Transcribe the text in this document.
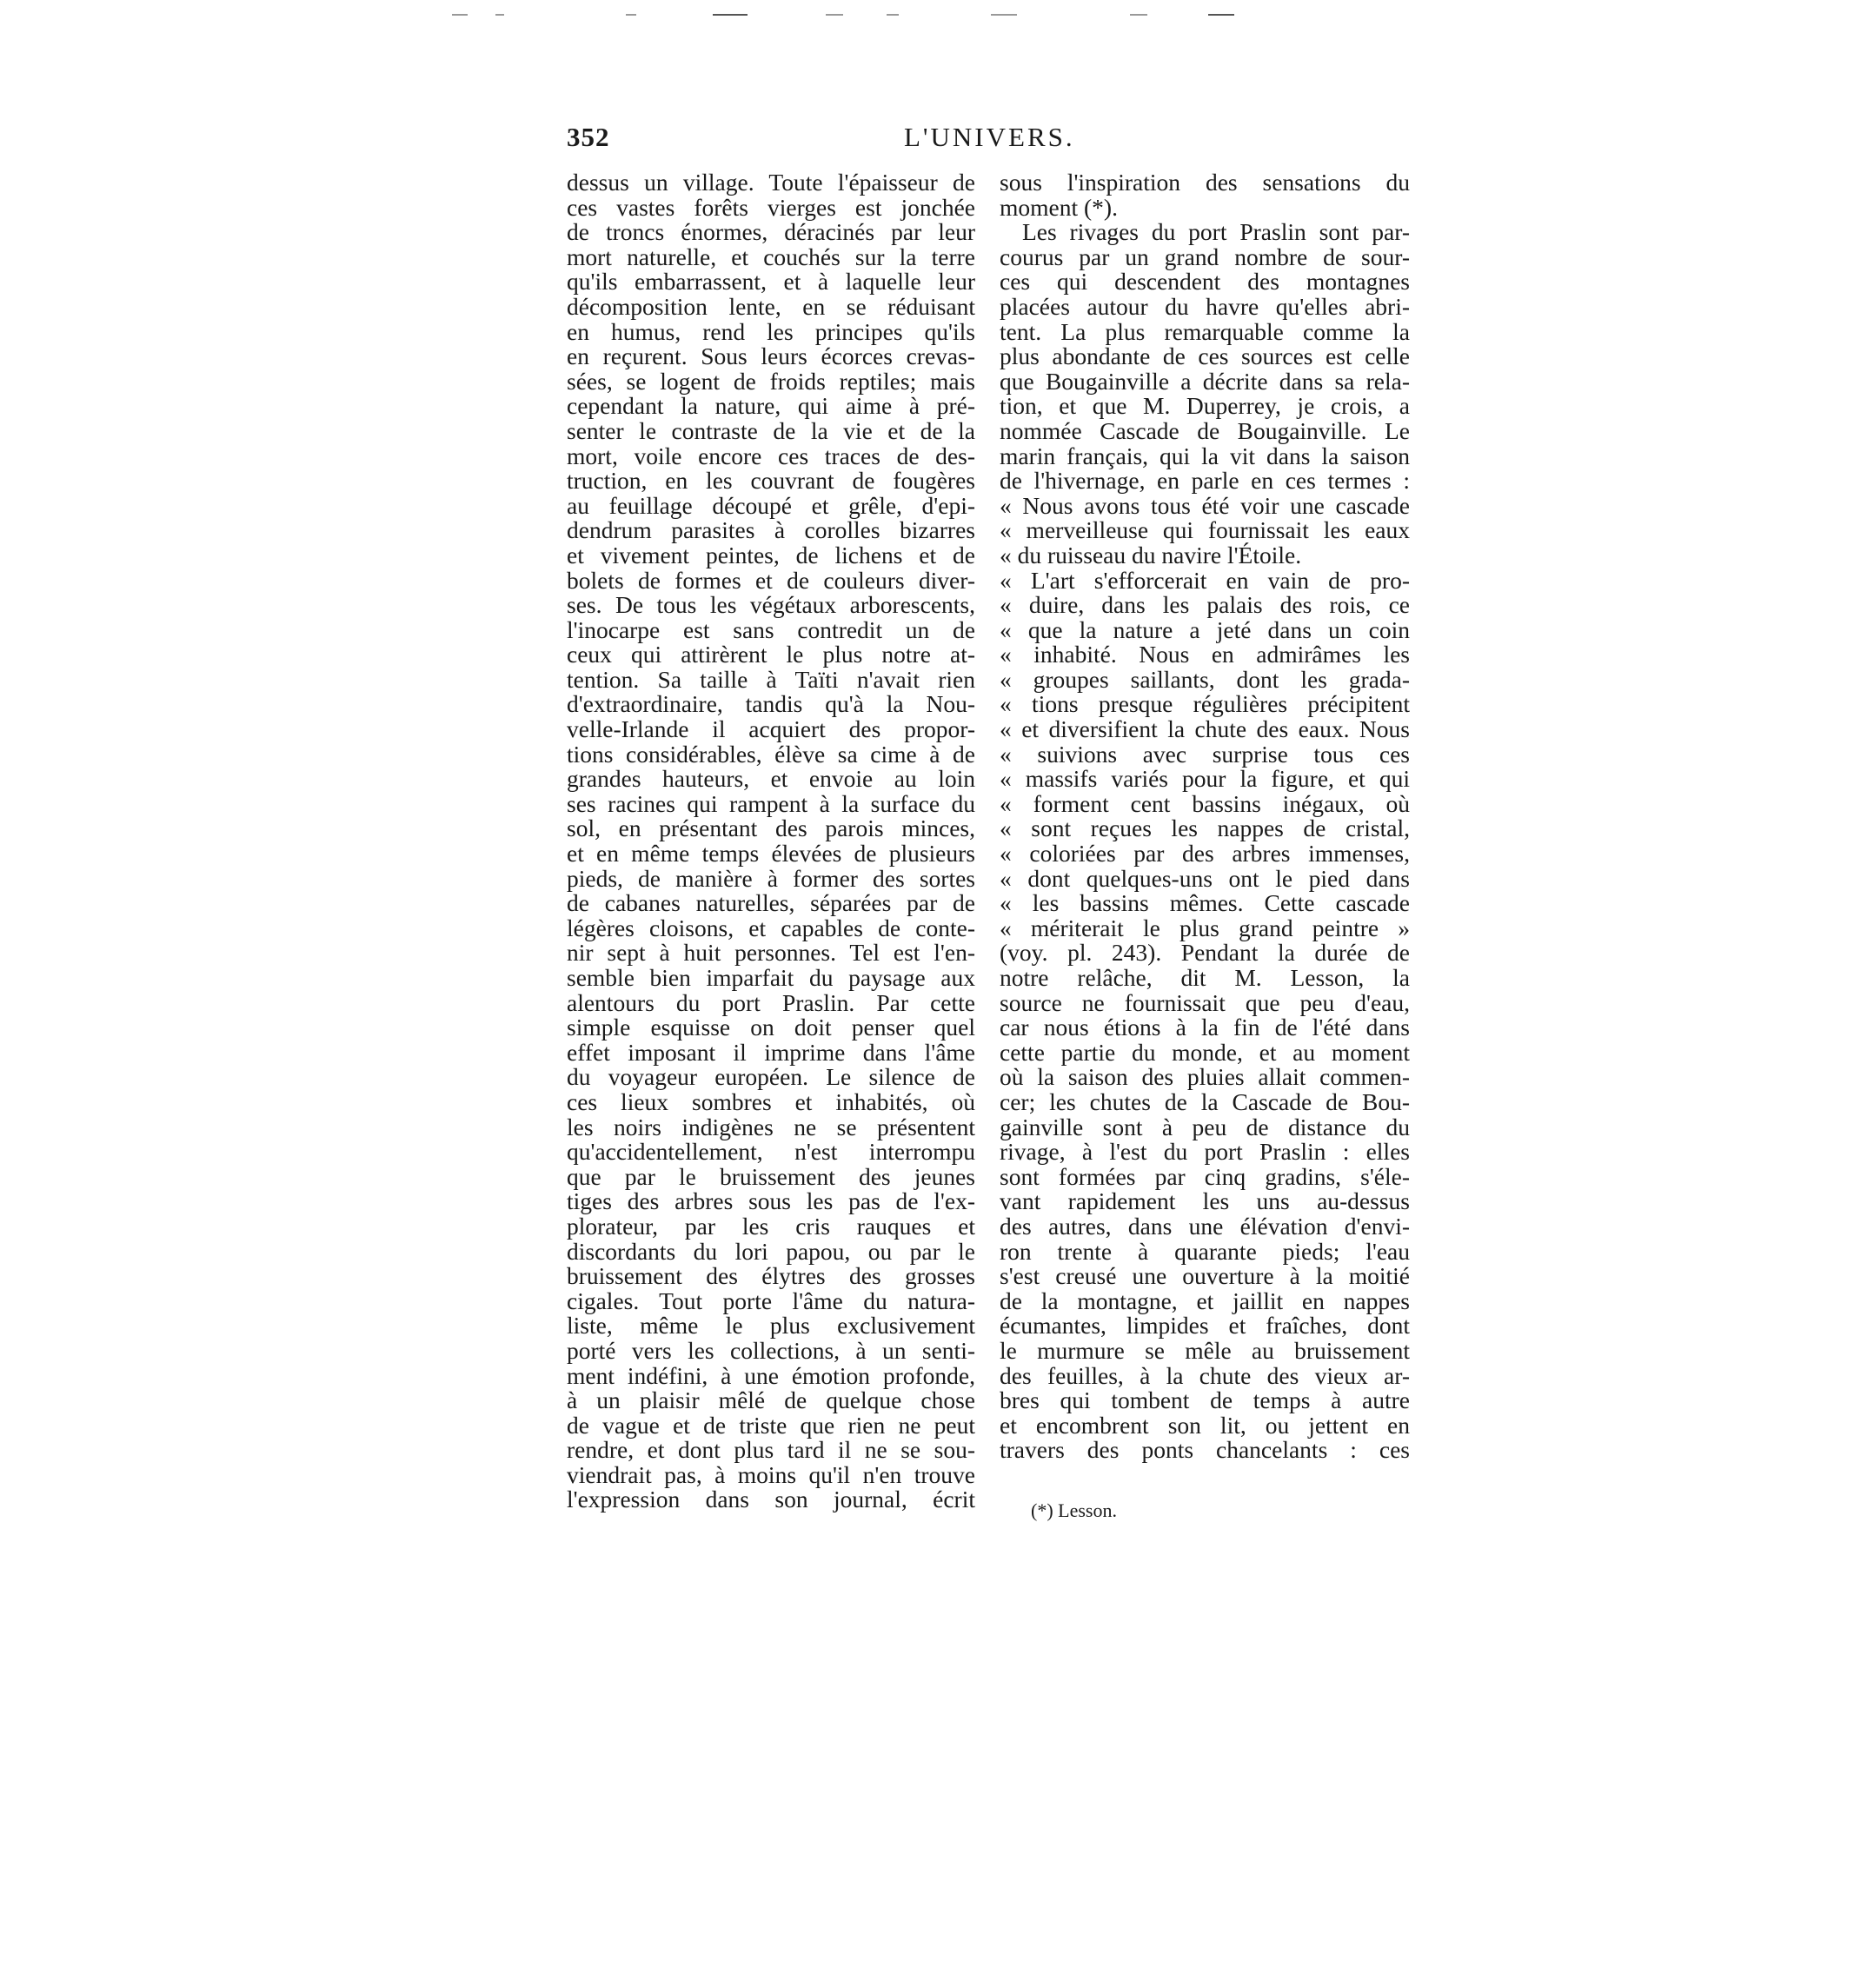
352	L'UNIVERS.
dessus un village. Toute l'épaisseur de
ces vastes forêts vierges est jonchée
de troncs énormes, déracinés par leur
mort naturelle, et couchés sur la terre
qu'ils embarrassent, et à laquelle leur
décomposition lente, en se réduisant
en humus, rend les principes qu'ils
en reçurent. Sous leurs écorces crevas-
sées, se logent de froids reptiles; mais
cependant la nature, qui aime à pré-
senter le contraste de la vie et de la
mort, voile encore ces traces de des-
truction, en les couvrant de fougères
au feuillage découpé et grêle, d'epi-
dendrum parasites à corolles bizarres
et vivement peintes, de lichens et de
bolets de formes et de couleurs diver-
ses. De tous les végétaux arborescents,
l'inocarpe est sans contredit un de
ceux qui attirèrent le plus notre at-
tention. Sa taille à Taïti n'avait rien
d'extraordinaire, tandis qu'à la Nou-
velle-Irlande il acquiert des propor-
tions considérables, élève sa cime à de
grandes hauteurs, et envoie au loin
ses racines qui rampent à la surface du
sol, en présentant des parois minces,
et en même temps élevées de plusieurs
pieds, de manière à former des sortes
de cabanes naturelles, séparées par de
légères cloisons, et capables de conte-
nir sept à huit personnes. Tel est l'en-
semble bien imparfait du paysage aux
alentours du port Praslin. Par cette
simple esquisse on doit penser quel
effet imposant il imprime dans l'âme
du voyageur européen. Le silence de
ces lieux sombres et inhabités, où
les noirs indigènes ne se présentent
qu'accidentellement, n'est interrompu
que par le bruissement des jeunes
tiges des arbres sous les pas de l'ex-
plorateur, par les cris rauques et
discordants du lori papou, ou par le
bruissement des élytres des grosses
cigales. Tout porte l'âme du natura-
liste, même le plus exclusivement
porté vers les collections, à un senti-
ment indéfini, à une émotion profonde,
à un plaisir mêlé de quelque chose
de vague et de triste que rien ne peut
rendre, et dont plus tard il ne se sou-
viendrait pas, à moins qu'il n'en trouve
l'expression dans son journal, écrit
sous l'inspiration des sensations du
moment (*).
Les rivages du port Praslin sont par-
courus par un grand nombre de sour-
ces qui descendent des montagnes
placées autour du havre qu'elles abri-
tent. La plus remarquable comme la
plus abondante de ces sources est celle
que Bougainville a décrite dans sa rela-
tion, et que M. Duperrey, je crois, a
nommée Cascade de Bougainville. Le
marin français, qui la vit dans la saison
de l'hivernage, en parle en ces termes :
« Nous avons tous été voir une cascade
« merveilleuse qui fournissait les eaux
« du ruisseau du navire l'Étoile.
« L'art s'efforcerait en vain de pro-
« duire, dans les palais des rois, ce
« que la nature a jeté dans un coin
« inhabité. Nous en admirâmes les
« groupes saillants, dont les grada-
« tions presque régulières précipitent
« et diversifient la chute des eaux. Nous
« suivions avec surprise tous ces
« massifs variés pour la figure, et qui
« forment cent bassins inégaux, où
« sont reçues les nappes de cristal,
« coloriées par des arbres immenses,
« dont quelques-uns ont le pied dans
« les bassins mêmes. Cette cascade
« mériterait le plus grand peintre »
(voy. pl. 243). Pendant la durée de
notre relâche, dit M. Lesson, la
source ne fournissait que peu d'eau,
car nous étions à la fin de l'été dans
cette partie du monde, et au moment
où la saison des pluies allait commen-
cer; les chutes de la Cascade de Bou-
gainville sont à peu de distance du
rivage, à l'est du port Praslin : elles
sont formées par cinq gradins, s'éle-
vant rapidement les uns au-dessus
des autres, dans une élévation d'envi-
ron trente à quarante pieds; l'eau
s'est creusé une ouverture à la moitié
de la montagne, et jaillit en nappes
écumantes, limpides et fraîches, dont
le murmure se mêle au bruissement
des feuilles, à la chute des vieux ar-
bres qui tombent de temps à autre
et encombrent son lit, ou jettent en
travers des ponts chancelants : ces
(*) Lesson.
